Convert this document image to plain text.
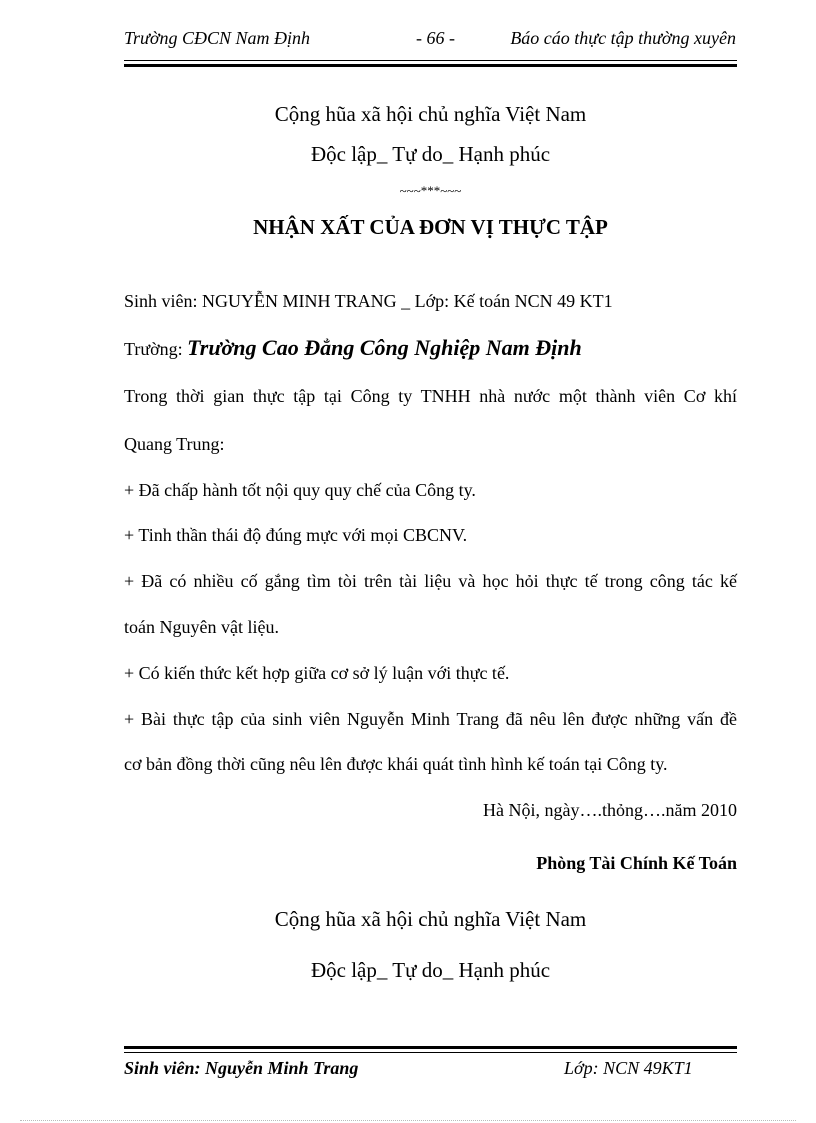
Trường CĐCN Nam Định	- 66 -	Báo cáo thực tập thường xuyên
Cộng hũa xã hội chủ nghĩa Việt Nam
Độc lập_ Tự do_ Hạnh phúc
~~~***~~~
NHẬN XẤT CỦA ĐƠN VỊ THỰC TẬP
Sinh viên: NGUYỄN MINH TRANG _ Lớp: Kế toán NCN 49 KT1
Trường: Trường Cao Đẳng Công Nghiệp Nam Định
Trong thời gian thực tập tại Công ty TNHH nhà nước một thành viên Cơ khí
Quang Trung:
+ Đã chấp hành tốt nội quy quy chế của Công ty.
+ Tinh thần thái độ đúng mực với mọi CBCNV.
+ Đã có nhiều cố gắng tìm tòi trên tài liệu và học hỏi thực tế trong công tác kế
toán Nguyên vật liệu.
+ Có kiến thức kết hợp giữa cơ sở lý luận với thực tế.
+ Bài thực tập của sinh viên Nguyễn Minh Trang đã nêu lên được những vấn đề
cơ bản đồng thời cũng nêu lên được khái quát tình hình kế toán tại Công ty.
Hà Nội, ngày….thỏng….năm 2010
Phòng Tài Chính Kế Toán
Cộng hũa xã hội chủ nghĩa Việt Nam
Độc lập_ Tự do_ Hạnh phúc
Sinh viên: Nguyễn Minh Trang	Lớp: NCN 49KT1
